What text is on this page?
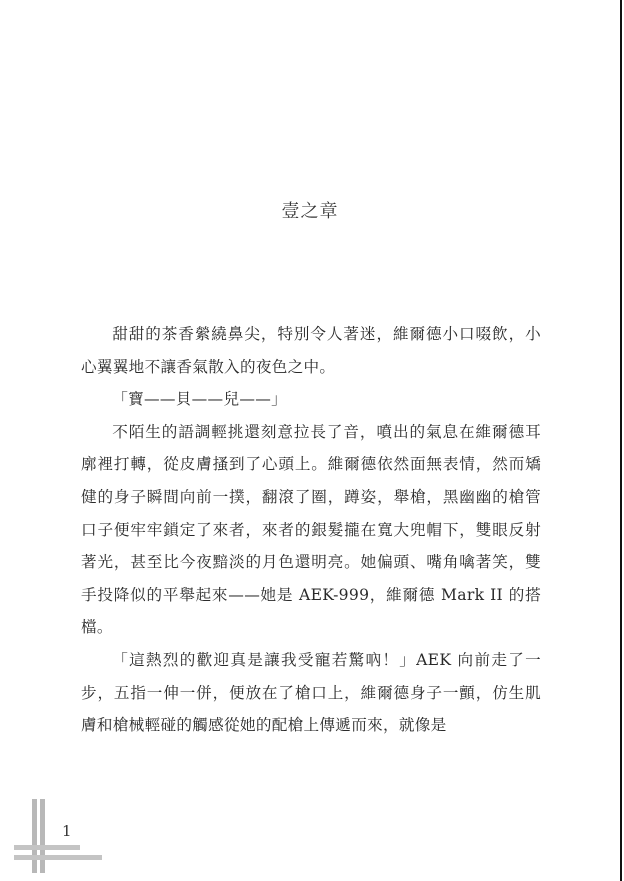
壹之章

甜甜的茶香縈繞鼻尖，特別令人著迷，維爾德小口啜飲，小心翼翼地不讓香氣散入的夜色之中。

「寶——貝——兒——」

不陌生的語調輕挑還刻意拉長了音，噴出的氣息在維爾德耳廓裡打轉，從皮膚搔到了心頭上。維爾德依然面無表情，然而矯健的身子瞬間向前一撲，翻滾了圈，蹲姿，舉槍，黑幽幽的槍管口子便牢牢鎖定了來者，來者的銀髮攏在寬大兜帽下，雙眼反射著光，甚至比今夜黯淡的月色還明亮。她偏頭、嘴角噙著笑，雙手投降似的平舉起來——她是 AEK-999，維爾德 Mark II 的搭檔。

「這熱烈的歡迎真是讓我受寵若驚吶！」AEK 向前走了一步，五指一伸一併，便放在了槍口上，維爾德身子一顫，仿生肌膚和槍械輕碰的觸感從她的配槍上傳遞而來，就像是

1
